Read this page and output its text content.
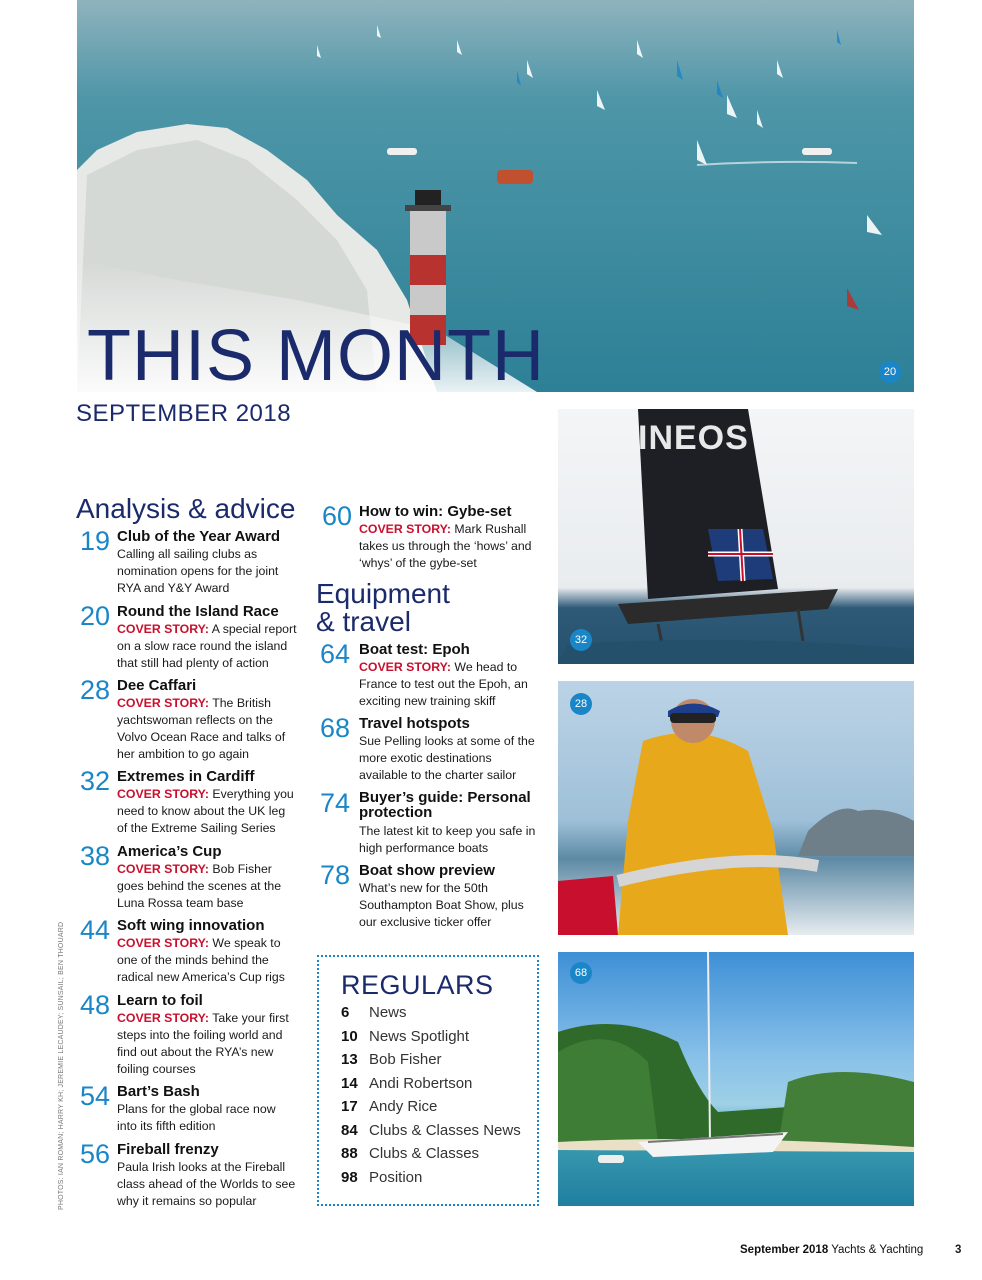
THIS MONTH	20
SEPTEMBER 2018
Analysis & advice
19 Club of the Year Award
Calling all sailing clubs as nomination opens for the joint RYA and Y&Y Award
20 Round the Island Race
COVER STORY: A special report on a slow race round the island that still had plenty of action
28 Dee Caffari
COVER STORY: The British yachtswoman reflects on the Volvo Ocean Race and talks of her ambition to go again
32 Extremes in Cardiff
COVER STORY: Everything you need to know about the UK leg of the Extreme Sailing Series
38 America’s Cup
COVER STORY: Bob Fisher goes behind the scenes at the Luna Rossa team base
44 Soft wing innovation
COVER STORY: We speak to one of the minds behind the radical new America’s Cup rigs
48 Learn to foil
COVER STORY: Take your first steps into the foiling world and find out about the RYA’s new foiling courses
54 Bart’s Bash
Plans for the global race now into its fifth edition
56 Fireball frenzy
Paula Irish looks at the Fireball class ahead of the Worlds to see why it remains so popular
60 How to win: Gybe-set
COVER STORY: Mark Rushall takes us through the ‘hows’ and ‘whys’ of the gybe-set
Equipment
& travel
64 Boat test: Epoh
COVER STORY: We head to France to test out the Epoh, an exciting new training skiff
68 Travel hotspots
Sue Pelling looks at some of the more exotic destinations available to the charter sailor
74 Buyer’s guide: Personal protection
The latest kit to keep you safe in high performance boats
78 Boat show preview
What’s new for the 50th Southampton Boat Show, plus our exclusive ticker offer
INEOS
32
28
68
REGULARS
6 News
10 News Spotlight
13 Bob Fisher
14 Andi Robertson
17 Andy Rice
84 Clubs & Classes News
88 Clubs & Classes
98 Position
PHOTOS: IAN ROMAN; HARRY KH; JEREMIE LECAUDEY; SUNSAIL; BEN THOUARD
September 2018 Yachts & Yachting	3
